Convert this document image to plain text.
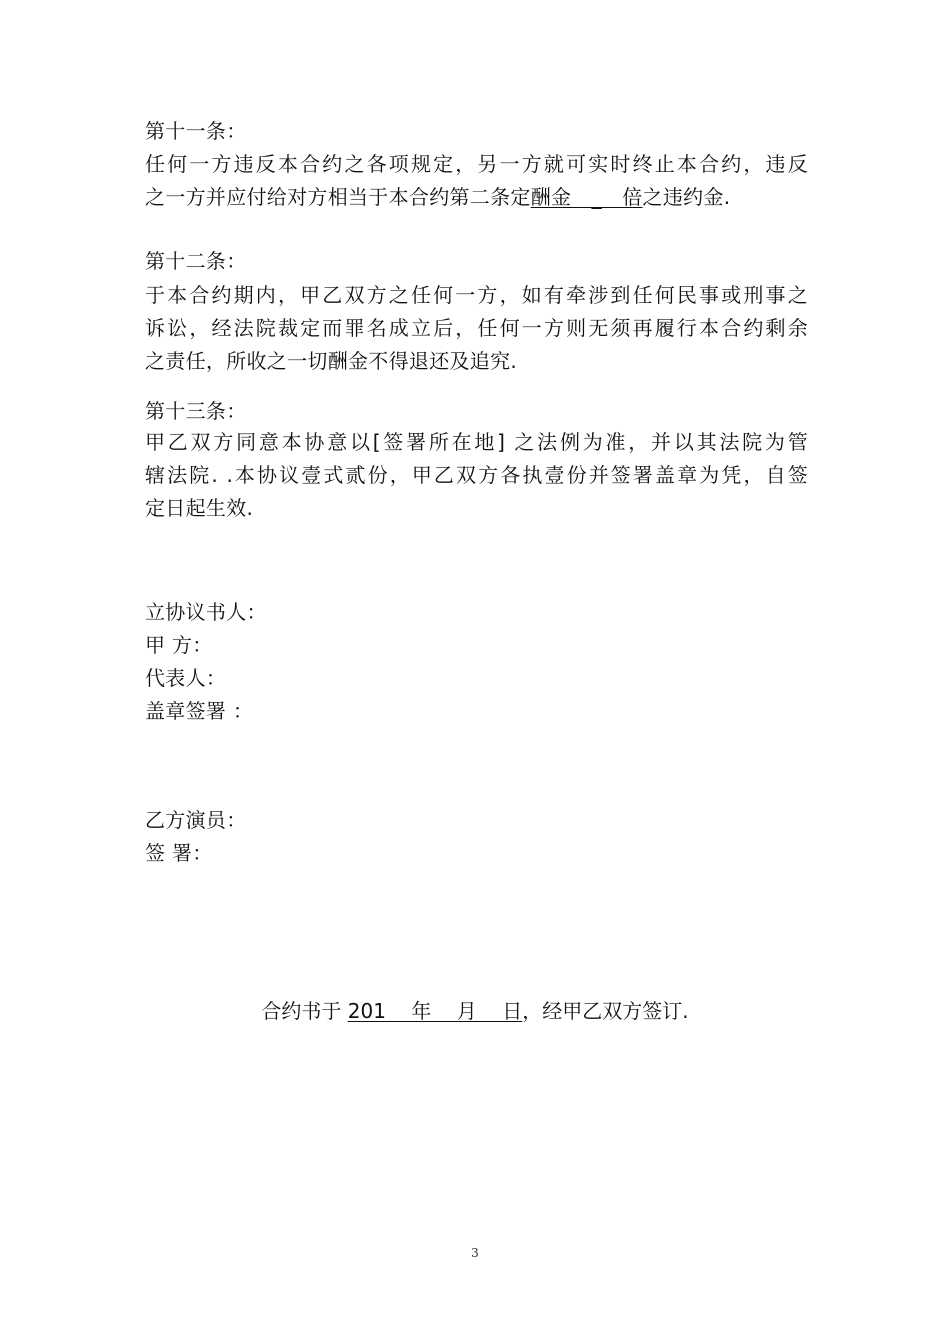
第十一条：
任何一方违反本合约之各项规定，另一方就可实时终止本合约，违反
之一方并应付给对方相当于本合约第二条定酬金　_　倍之违约金.
第十二条：
于本合约期内，甲乙双方之任何一方，如有牵涉到任何民事或刑事之
诉讼，经法院裁定而罪名成立后，任何一方则无须再履行本合约剩余
之责任，所收之一切酬金不得退还及追究.
第十三条：
甲乙双方同意本协意以[签署所在地] 之法例为准，并以其法院为管
辖法院. .本协议壹式贰份，甲乙双方各执壹份并签署盖章为凭，自签
定日起生效.
立协议书人：
甲 方：
代表人：
盖章签署 ：
乙方演员：
签 署：
合约书于 201    年    月    日，经甲乙双方签订.
3
